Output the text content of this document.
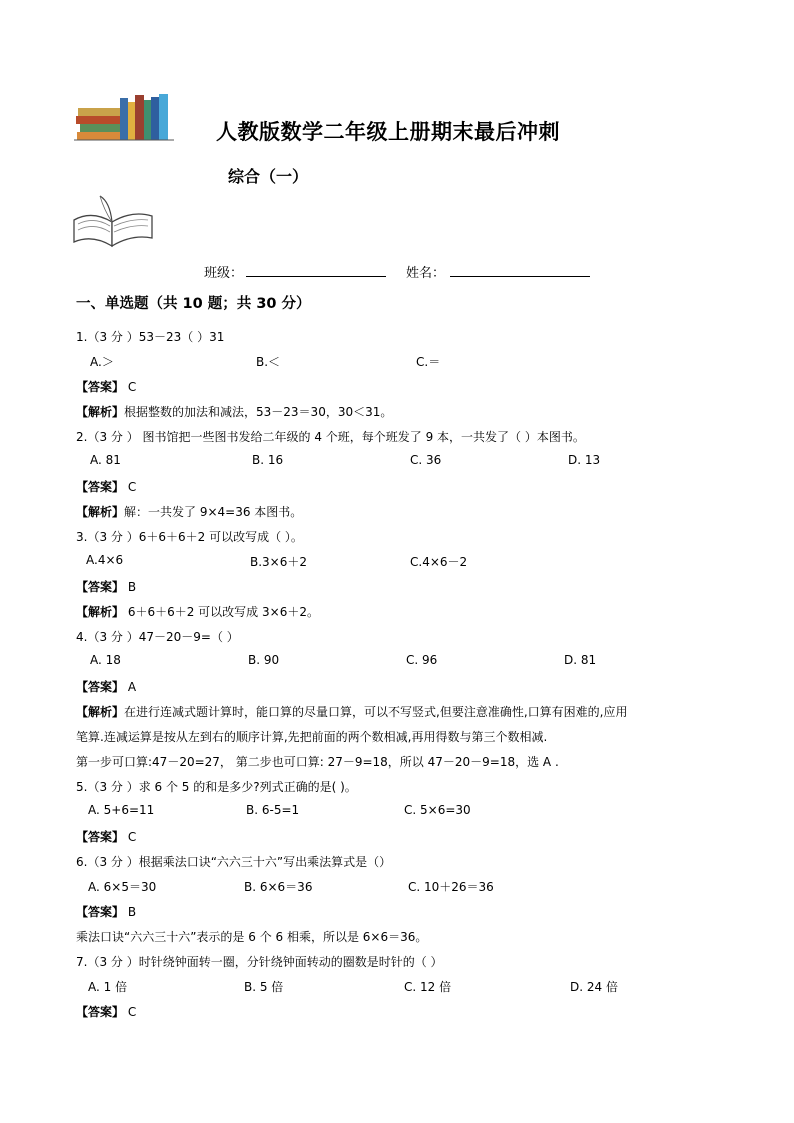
人教版数学二年级上册期末最后冲刺
综合（一）
班级：	姓名：
一、单选题（共 10 题；共 30 分）
1.（3 分 ）53－23（ ）31
A.＞	B.＜	C.＝
【答案】 C
【解析】根据整数的加法和减法，53－23＝30，30＜31。
2.（3 分 ） 图书馆把一些图书发给二年级的 4 个班，每个班发了 9 本，一共发了（ ）本图书。
A. 81	B. 16	C. 36	D. 13
【答案】 C
【解析】解：一共发了 9×4=36 本图书。
3.（3 分 ）6＋6＋6＋2 可以改写成（ ）。
A.4×6	B.3×6＋2	C.4×6－2
【答案】 B
【解析】 6＋6＋6＋2 可以改写成 3×6＋2。
4.（3 分 ）47－20－9=（ ）
A. 18	B. 90	C. 96	D. 81
【答案】 A
【解析】在进行连减式题计算时，能口算的尽量口算，可以不写竖式,但要注意准确性,口算有困难的,应用
笔算.连减运算是按从左到右的顺序计算,先把前面的两个数相减,再用得数与第三个数相减.
第一步可口算:47－20=27， 第二步也可口算: 27－9=18，所以 47－20－9=18，选 A .
5.（3 分 ）求 6 个 5 的和是多少?列式正确的是( )。
A. 5+6=11	B. 6-5=1	C. 5×6=30
【答案】 C
6.（3 分 ）根据乘法口诀“六六三十六”写出乘法算式是（）
A. 6×5＝30	B. 6×6＝36	C. 10＋26＝36
【答案】 B
乘法口诀“六六三十六”表示的是 6 个 6 相乘，所以是 6×6＝36。
7.（3 分 ）时针绕钟面转一圈，分针绕钟面转动的圈数是时针的（ ）
A. 1 倍	B. 5 倍	C. 12 倍	D. 24 倍
【答案】 C
